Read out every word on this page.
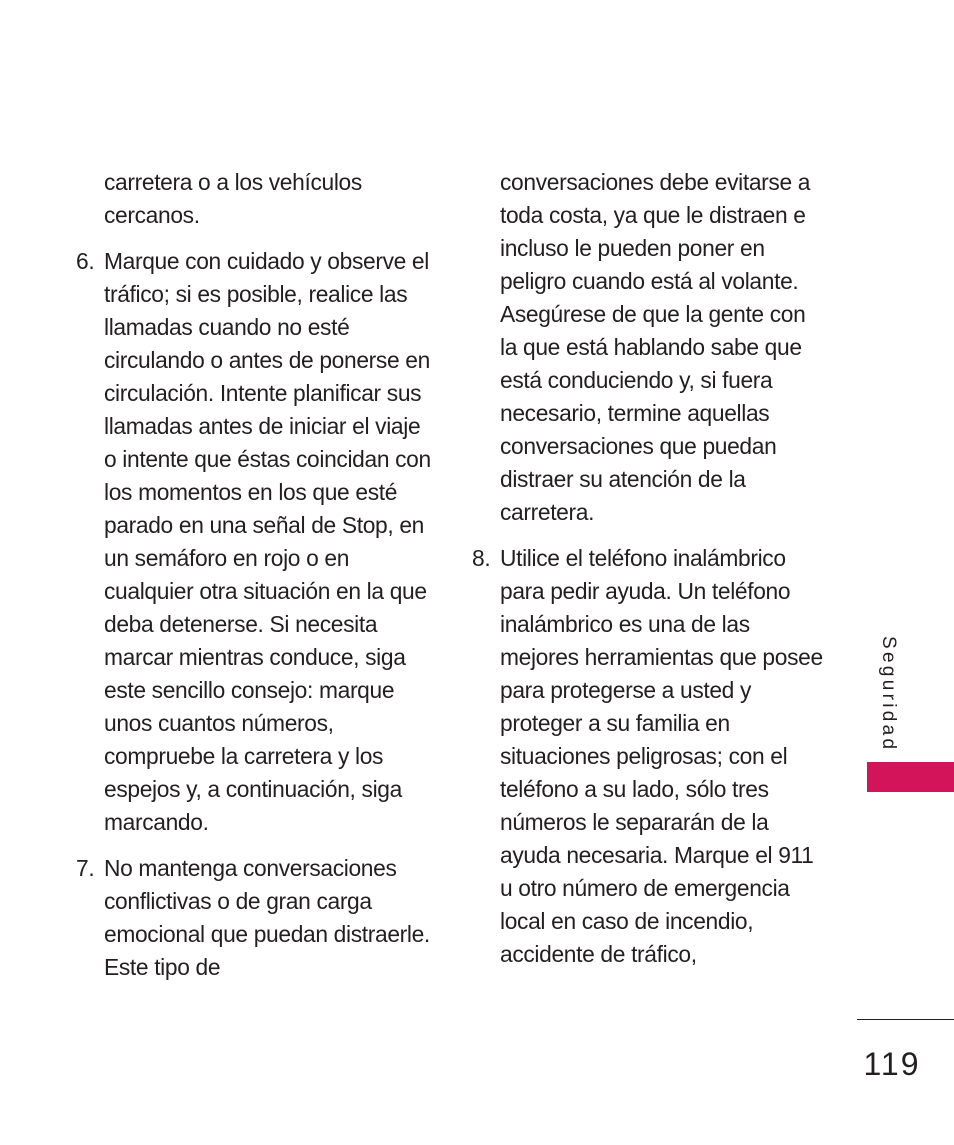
carretera o a los vehículos cercanos.

6. Marque con cuidado y observe el tráfico; si es posible, realice las llamadas cuando no esté circulando o antes de ponerse en circulación. Intente planificar sus llamadas antes de iniciar el viaje o intente que éstas coincidan con los momentos en los que esté parado en una señal de Stop, en un semáforo en rojo o en cualquier otra situación en la que deba detenerse. Si necesita marcar mientras conduce, siga este sencillo consejo: marque unos cuantos números, compruebe la carretera y los espejos y, a continuación, siga marcando.

7. No mantenga conversaciones conflictivas o de gran carga emocional que puedan distraerle. Este tipo de

conversaciones debe evitarse a toda costa, ya que le distraen e incluso le pueden poner en peligro cuando está al volante. Asegúrese de que la gente con la que está hablando sabe que está conduciendo y, si fuera necesario, termine aquellas conversaciones que puedan distraer su atención de la carretera.

8. Utilice el teléfono inalámbrico para pedir ayuda. Un teléfono inalámbrico es una de las mejores herramientas que posee para protegerse a usted y proteger a su familia en situaciones peligrosas; con el teléfono a su lado, sólo tres números le separarán de la ayuda necesaria. Marque el 911 u otro número de emergencia local en caso de incendio, accidente de tráfico,

Seguridad
119
